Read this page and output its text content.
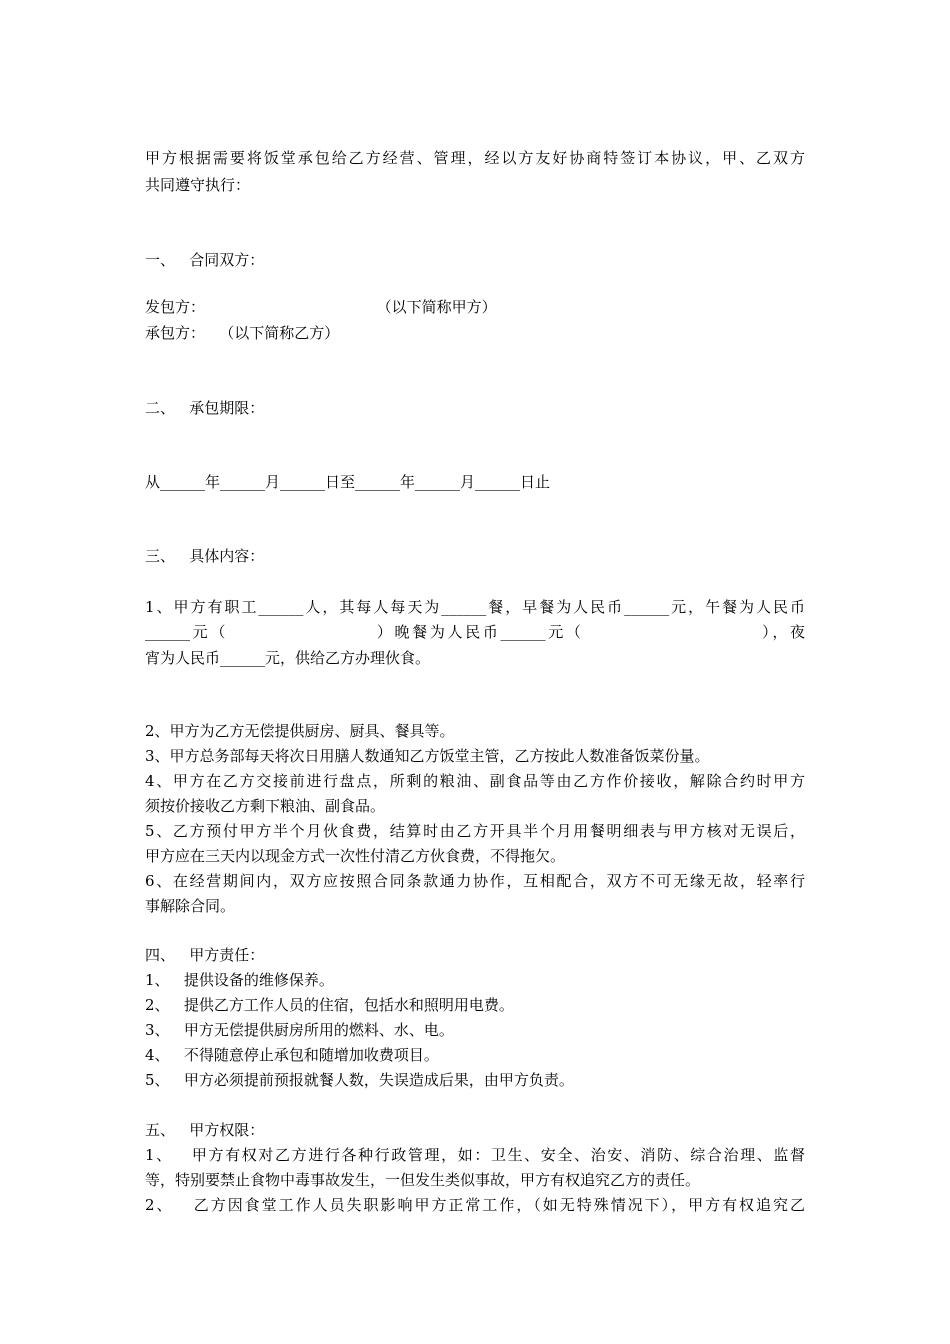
甲方根据需要将饭堂承包给乙方经营、管理，经以方友好协商特签订本协议，甲、乙双方
共同遵守执行：
一、   合同双方：
发包方：                                    （以下简称甲方）
承包方：   （以下简称乙方）
二、   承包期限：
从______年______月______日至______年______月______日止
三、   具体内容：
1、甲方有职工______人，其每人每天为______餐，早餐为人民币______元，午餐为人民币
______元（                    ）晚餐为人民币______元（                        ），夜
宵为人民币______元，供给乙方办理伙食。
2、甲方为乙方无偿提供厨房、厨具、餐具等。
3、甲方总务部每天将次日用膳人数通知乙方饭堂主管，乙方按此人数准备饭菜份量。
4、甲方在乙方交接前进行盘点，所剩的粮油、副食品等由乙方作价接收，解除合约时甲方
须按价接收乙方剩下粮油、副食品。
5、乙方预付甲方半个月伙食费，结算时由乙方开具半个月用餐明细表与甲方核对无误后，
甲方应在三天内以现金方式一次性付清乙方伙食费，不得拖欠。
6、在经营期间内，双方应按照合同条款通力协作，互相配合，双方不可无缘无故，轻率行
事解除合同。
四、   甲方责任：
1、   提供设备的维修保养。
2、   提供乙方工作人员的住宿，包括水和照明用电费。
3、   甲方无偿提供厨房所用的燃料、水、电。
4、   不得随意停止承包和随增加收费项目。
5、   甲方必须提前预报就餐人数，失误造成后果，由甲方负责。
五、   甲方权限：
1、   甲方有权对乙方进行各种行政管理，如：卫生、安全、治安、消防、综合治理、监督
等，特别要禁止食物中毒事故发生，一但发生类似事故，甲方有权追究乙方的责任。
2、   乙方因食堂工作人员失职影响甲方正常工作，（如无特殊情况下），甲方有权追究乙
